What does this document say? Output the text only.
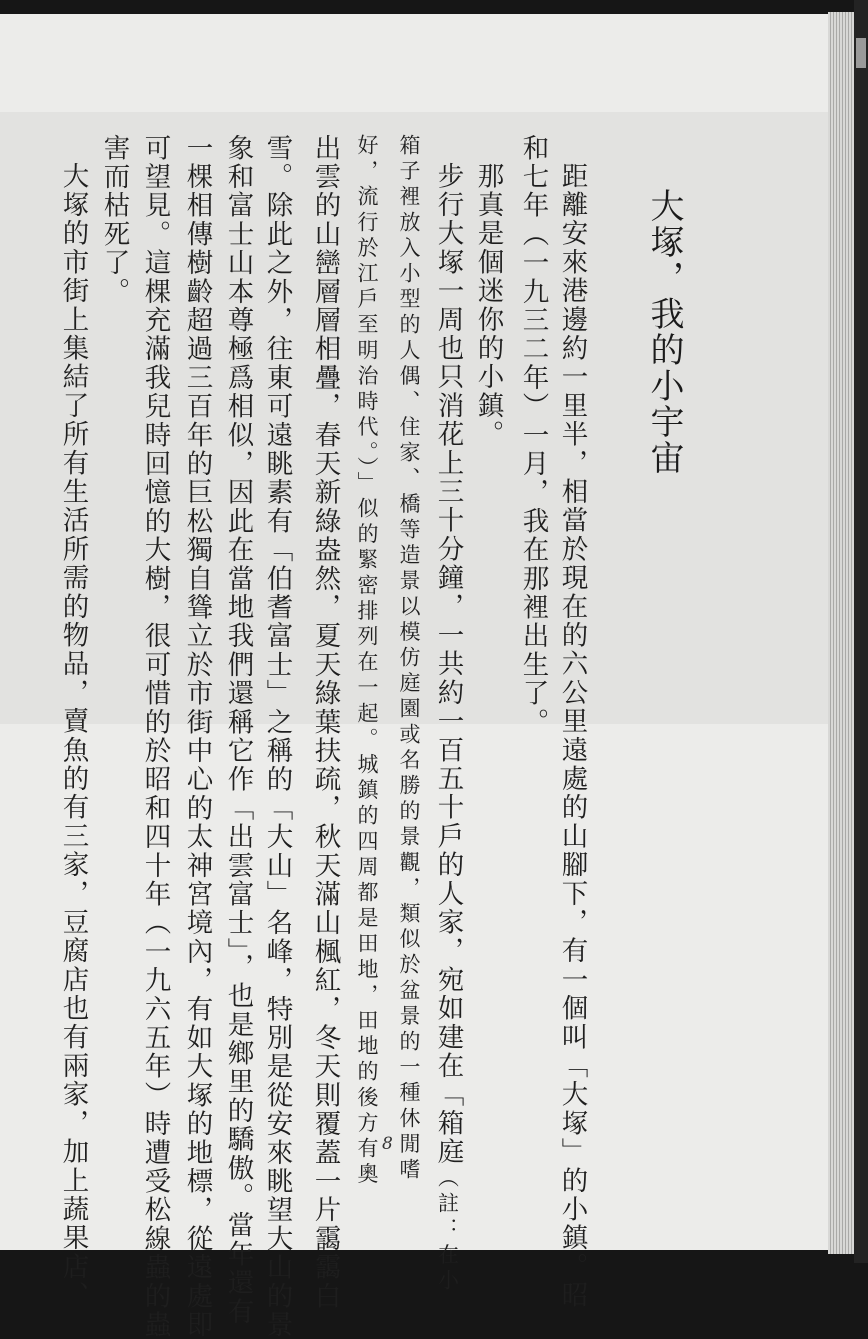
大塚，我的小宇宙
距離安來港邊約一里半，相當於現在的六公里遠處的山腳下，有一個叫「大塚」的小鎮。昭
和七年（一九三二年）一月，我在那裡出生了。
那真是個迷你的小鎮。
步行大塚一周也只消花上三十分鐘，一共約一百五十戶的人家，宛如建在「箱庭（註：在小
箱子裡放入小型的人偶、住家、橋等造景以模仿庭園或名勝的景觀，類似於盆景的一種休閒嗜
好，流行於江戶至明治時代。）」似的緊密排列在一起。城鎮的四周都是田地，田地的後方有奧
出雲的山巒層層相疊，春天新綠盎然，夏天綠葉扶疏，秋天滿山楓紅，冬天則覆蓋一片靄靄白
雪。除此之外，往東可遠眺素有「伯耆富士」之稱的「大山」名峰，特別是從安來眺望大山的景
象和富士山本尊極爲相似，因此在當地我們還稱它作「出雲富士」，也是鄉里的驕傲。當年還有
一棵相傳樹齡超過三百年的巨松獨自聳立於市街中心的太神宮境內，有如大塚的地標，從遠處即
可望見。這棵充滿我兒時回憶的大樹，很可惜的於昭和四十年（一九六五年）時遭受松線蟲的蟲
害而枯死了。
大塚的市街上集結了所有生活所需的物品，賣魚的有三家，豆腐店也有兩家，加上蔬果店、	8
